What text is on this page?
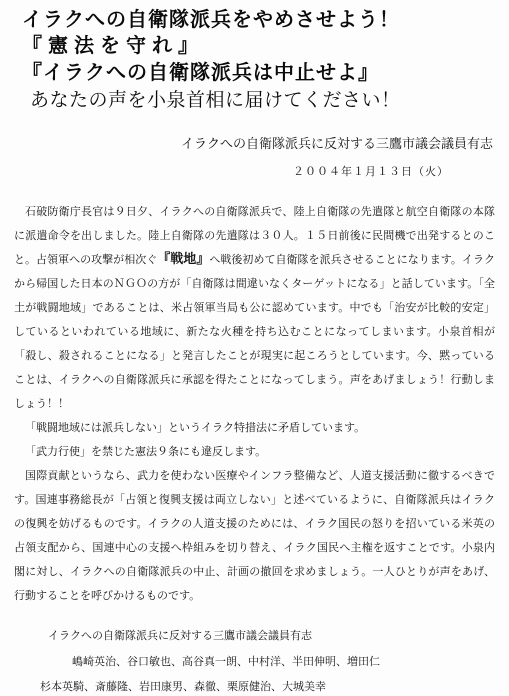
イラクへの自衛隊派兵をやめさせよう！
『憲法を守れ』
『イラクへの自衛隊派兵は中止せよ』
あなたの声を小泉首相に届けてください！
イラクへの自衛隊派兵に反対する三鷹市議会議員有志
２００４年１月１３日（火）

石破防衛庁長官は９日夕、イラクへの自衛隊派兵で、陸上自衛隊の先遣隊と航空自衛隊の本隊に派遣命令を出しました。陸上自衛隊の先遣隊は３０人。１５日前後に民間機で出発するとのこと。占領軍への攻撃が相次ぐ『戦地』へ戦後初めて自衛隊を派兵させることになります。イラクから帰国した日本のＮＧＯの方が「自衛隊は間違いなくターゲットになる」と話しています。「全土が戦闘地域」であることは、米占領軍当局も公に認めています。中でも「治安が比較的安定」しているといわれている地域に、新たな火種を持ち込むことになってしまいます。小泉首相が「殺し、殺されることになる」と発言したことが現実に起ころうとしています。今、黙っていることは、イラクへの自衛隊派兵に承認を得たことになってしまう。声をあげましょう！行動しましょう！！

「戦闘地域には派兵しない」というイラク特措法に矛盾しています。

「武力行使」を禁じた憲法９条にも違反します。

国際貢献というなら、武力を使わない医療やインフラ整備など、人道支援活動に徹するべきです。国連事務総長が「占領と復興支援は両立しない」と述べているように、自衛隊派兵はイラクの復興を妨げるものです。イラクの人道支援のためには、イラク国民の怒りを招いている米英の占領支配から、国連中心の支援へ枠組みを切り替え、イラク国民へ主権を返すことです。小泉内閣に対し、イラクへの自衛隊派兵の中止、計画の撤回を求めましょう。一人ひとりが声をあげ、行動することを呼びかけるものです。

イラクへの自衛隊派兵に反対する三鷹市議会議員有志
嶋崎英治、谷口敏也、高谷真一朗、中村洋、半田伸明、増田仁
杉本英騎、斎藤隆、岩田康男、森徹、栗原健治、大城美幸
